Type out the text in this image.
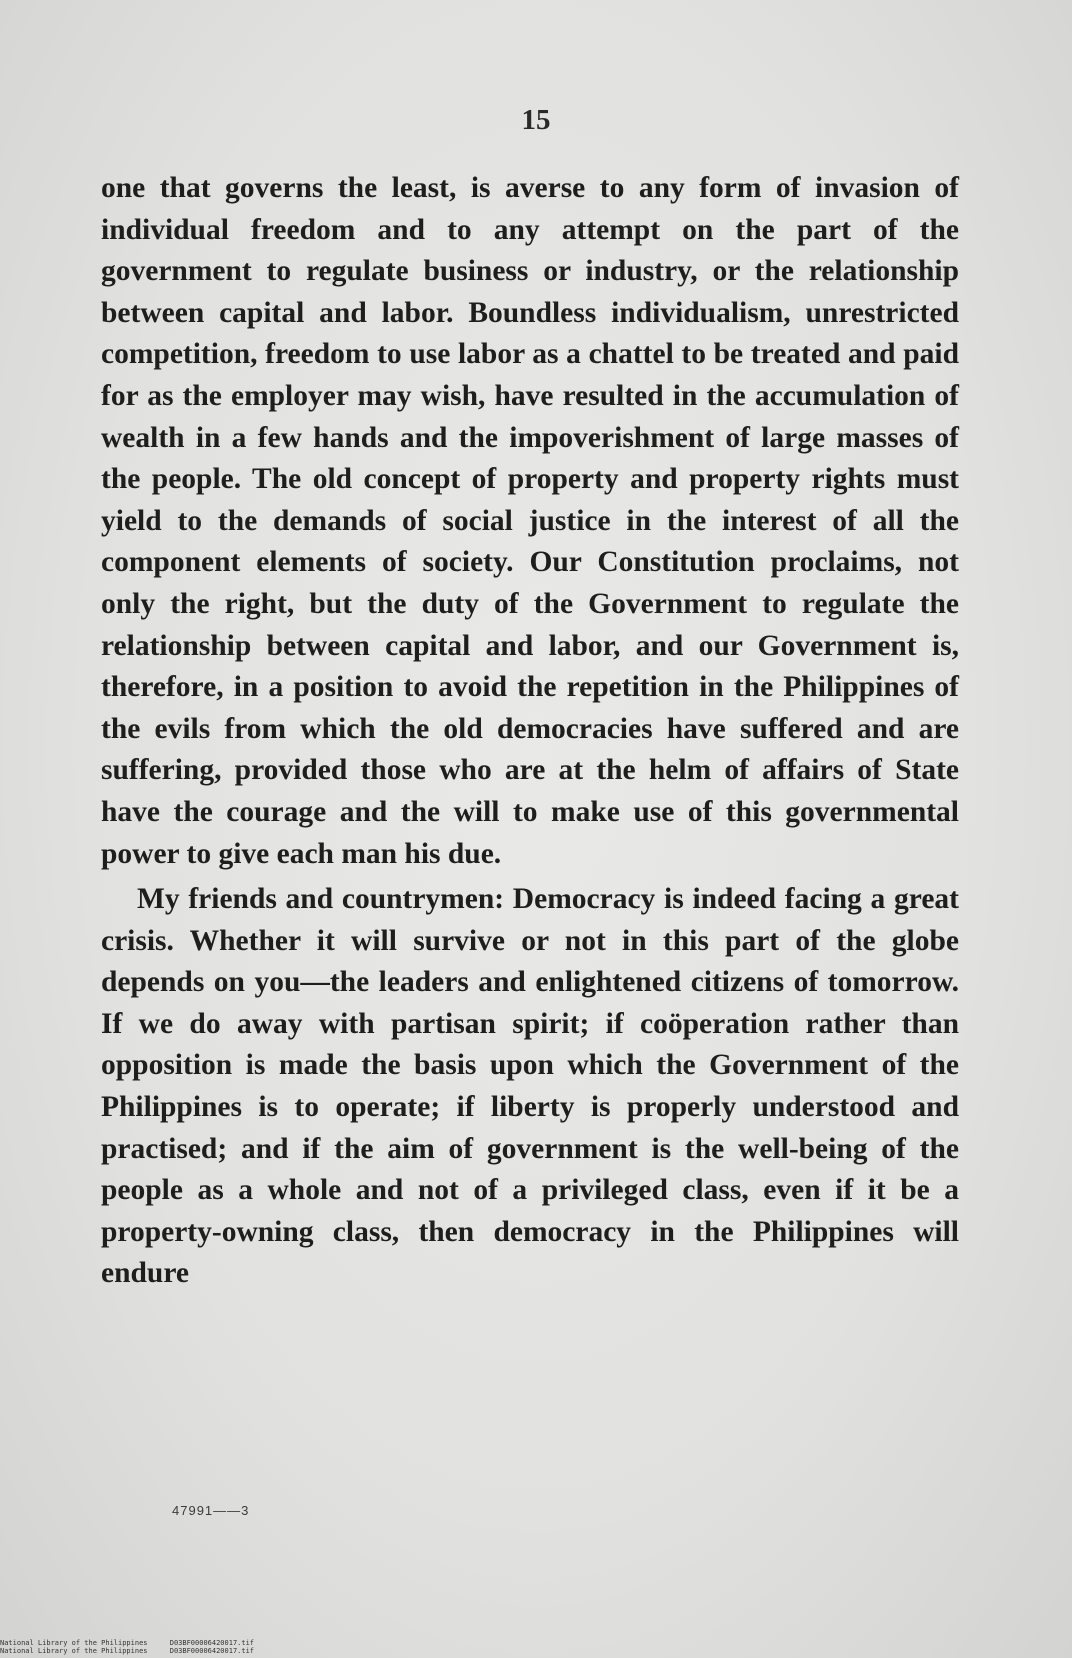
15

one that governs the least, is averse to any form of invasion of individual freedom and to any attempt on the part of the government to regulate business or industry, or the relationship between capital and labor. Boundless individualism, unrestricted competition, freedom to use labor as a chattel to be treated and paid for as the employer may wish, have resulted in the accumulation of wealth in a few hands and the impoverishment of large masses of the people. The old concept of property and property rights must yield to the demands of social justice in the interest of all the component elements of society. Our Constitution proclaims, not only the right, but the duty of the Government to regulate the relationship between capital and labor, and our Government is, therefore, in a position to avoid the repetition in the Philippines of the evils from which the old democracies have suffered and are suffering, provided those who are at the helm of affairs of State have the courage and the will to make use of this governmental power to give each man his due.

My friends and countrymen: Democracy is indeed facing a great crisis. Whether it will survive or not in this part of the globe depends on you—the leaders and enlightened citizens of tomorrow. If we do away with partisan spirit; if coöperation rather than opposition is made the basis upon which the Government of the Philippines is to operate; if liberty is properly understood and practised; and if the aim of government is the well-being of the people as a whole and not of a privileged class, even if it be a property-owning class, then democracy in the Philippines will endure

47991——3
National Library of the Philippines	D03BF00006420017.tif
National Library of the Philippines	D03BF00006420017.tif
